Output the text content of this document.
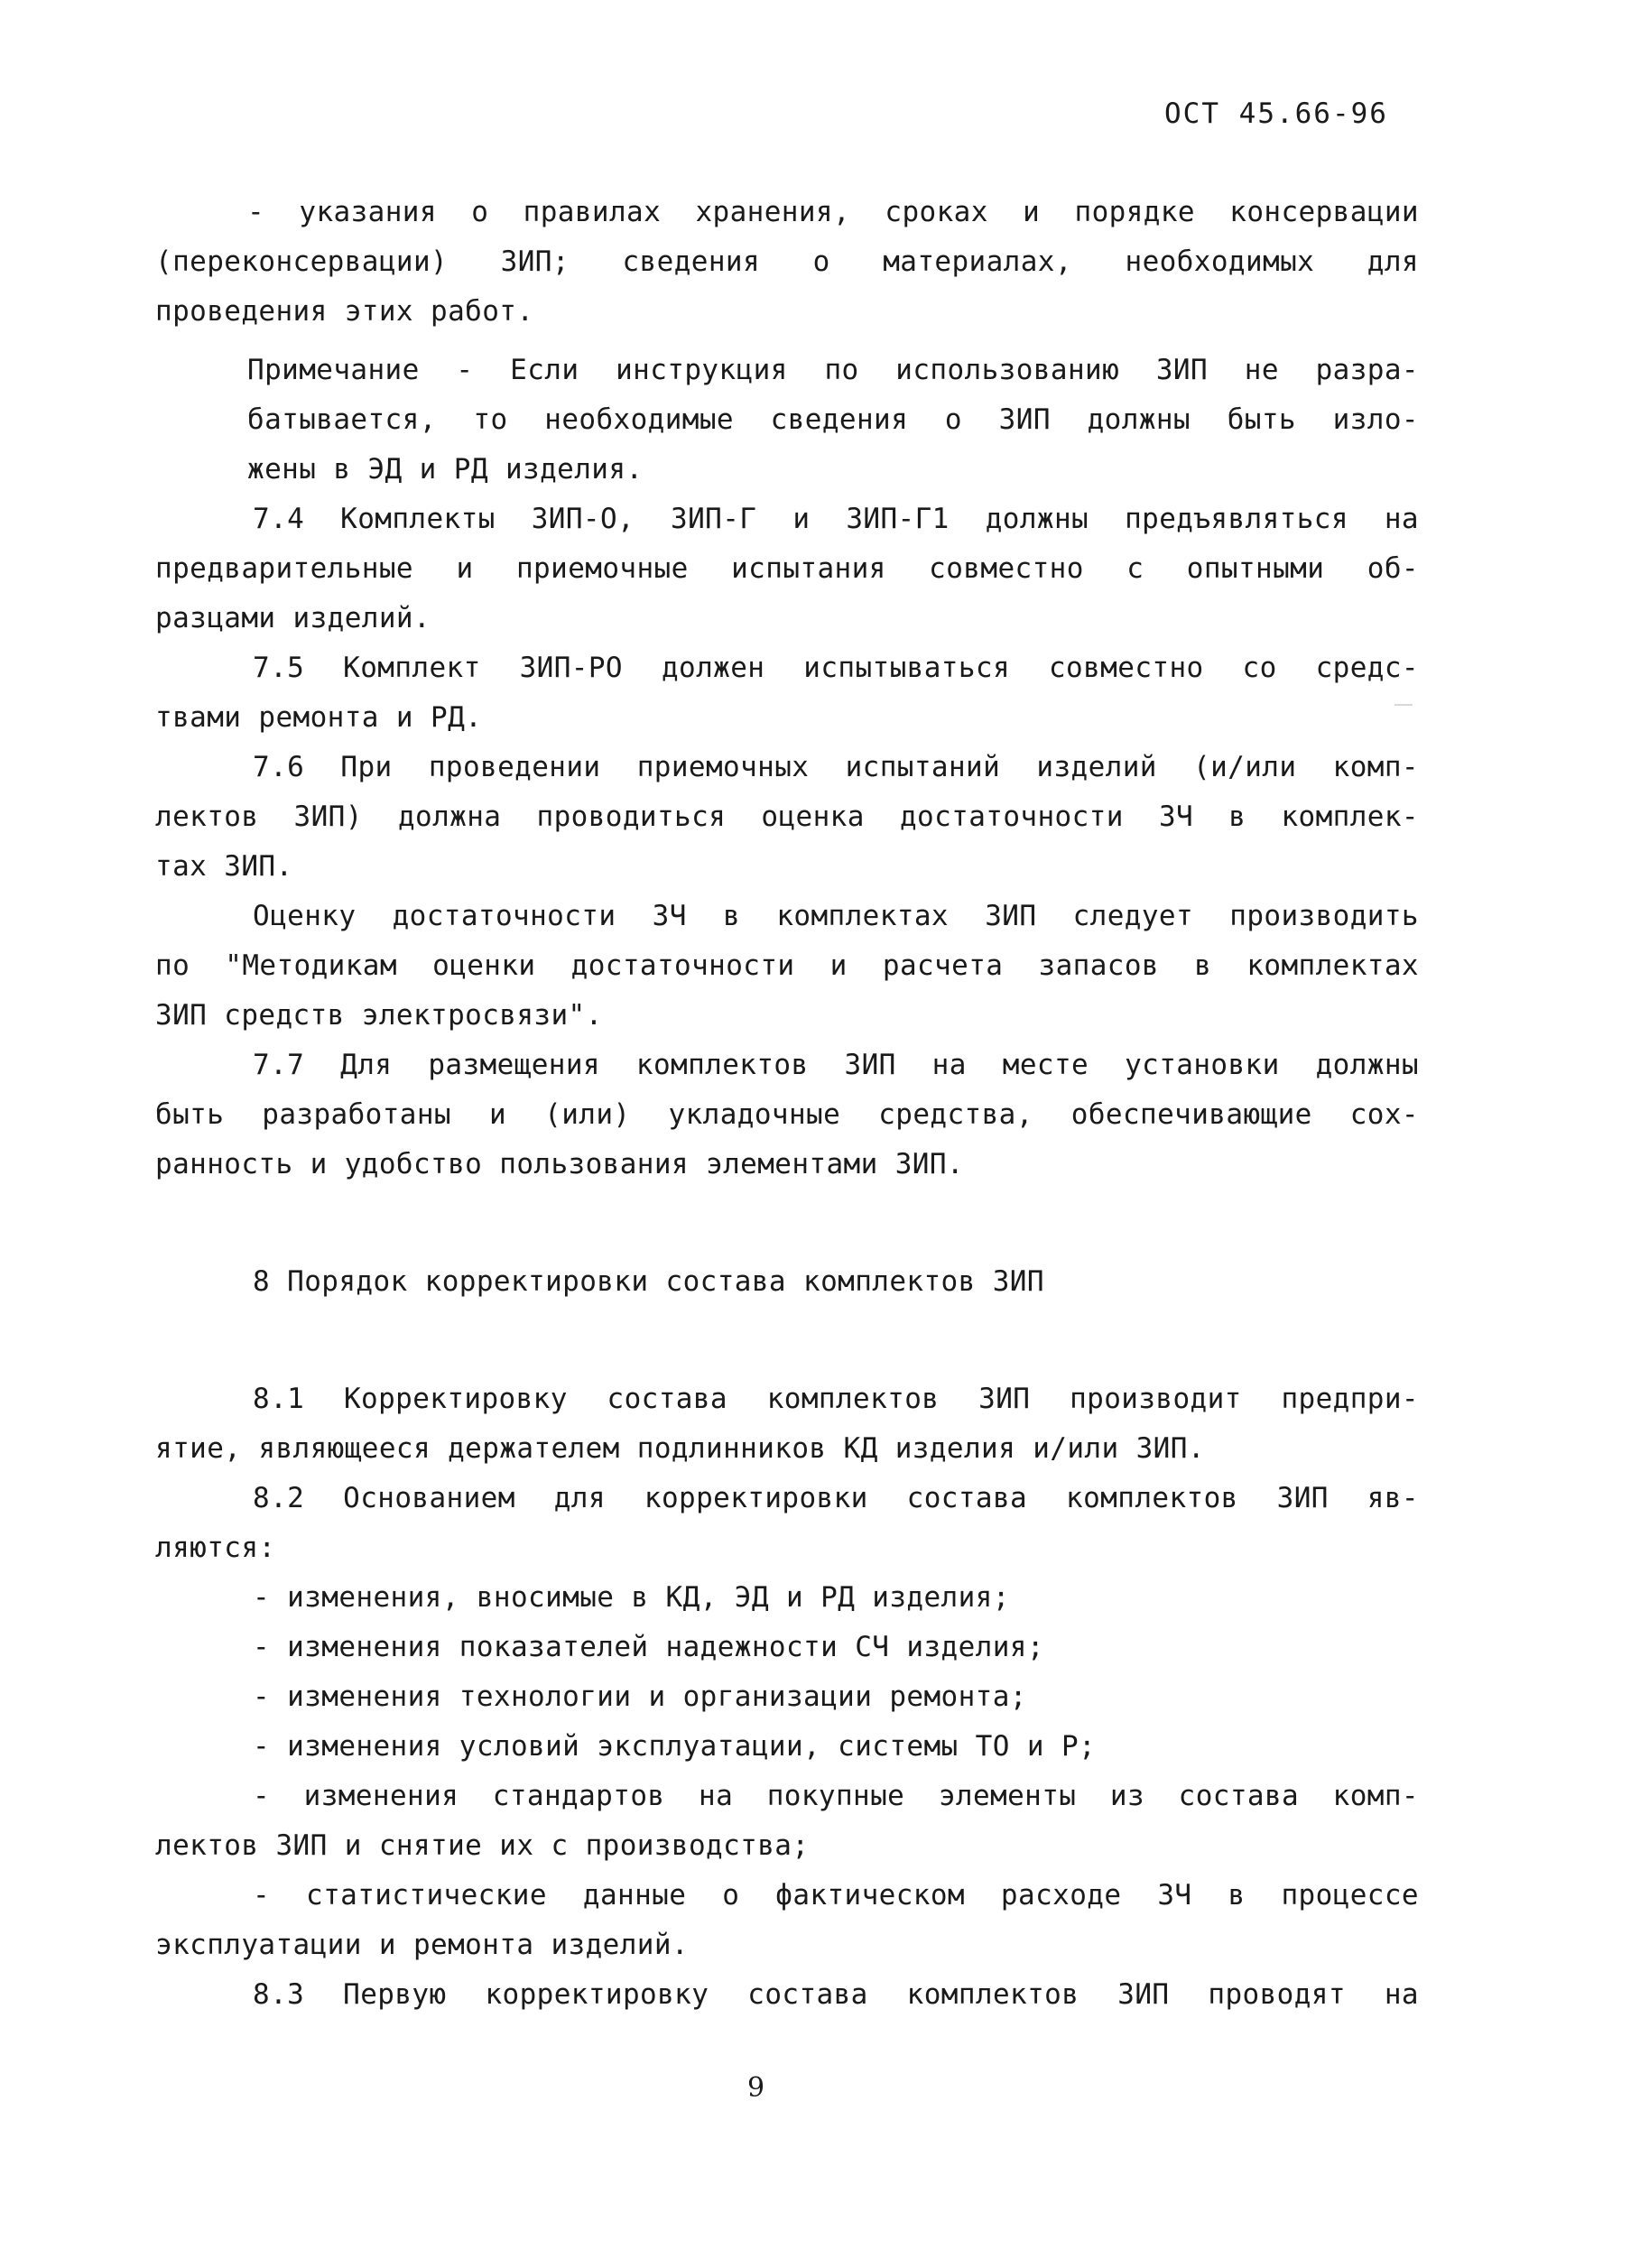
ОСТ 45.66-96
- указания о правилах хранения, сроках и порядке консервации
(переконсервации) ЗИП; сведения о материалах, необходимых для
проведения этих работ.
Примечание - Если инструкция по использованию ЗИП не разра-
батывается, то необходимые сведения о ЗИП должны быть изло-
жены в ЭД и РД изделия.
7.4 Комплекты ЗИП-О, ЗИП-Г и ЗИП-Г1 должны предъявляться на
предварительные и приемочные испытания совместно с опытными об-
разцами изделий.
7.5 Комплект ЗИП-РО должен испытываться совместно со средс-
твами ремонта и РД.
7.6 При проведении приемочных испытаний изделий (и/или комп-
лектов ЗИП) должна проводиться оценка достаточности ЗЧ в комплек-
тах ЗИП.
Оценку достаточности ЗЧ в комплектах ЗИП следует производить
по "Методикам оценки достаточности и расчета запасов в комплектах
ЗИП средств электросвязи".
7.7 Для размещения комплектов ЗИП на месте установки должны
быть разработаны и (или) укладочные средства, обеспечивающие сох-
ранность и удобство пользования элементами ЗИП.
8 Порядок корректировки состава комплектов ЗИП
8.1 Корректировку состава комплектов ЗИП производит предпри-
ятие, являющееся держателем подлинников КД изделия и/или ЗИП.
8.2 Основанием для корректировки состава комплектов ЗИП яв-
ляются:
- изменения, вносимые в КД, ЭД и РД изделия;
- изменения показателей надежности СЧ изделия;
- изменения технологии и организации ремонта;
- изменения условий эксплуатации, системы ТО и Р;
- изменения стандартов на покупные элементы из состава комп-
лектов ЗИП и снятие их с производства;
- статистические данные о фактическом расходе ЗЧ в процессе
эксплуатации и ремонта изделий.
8.3 Первую корректировку состава комплектов ЗИП проводят на
9
